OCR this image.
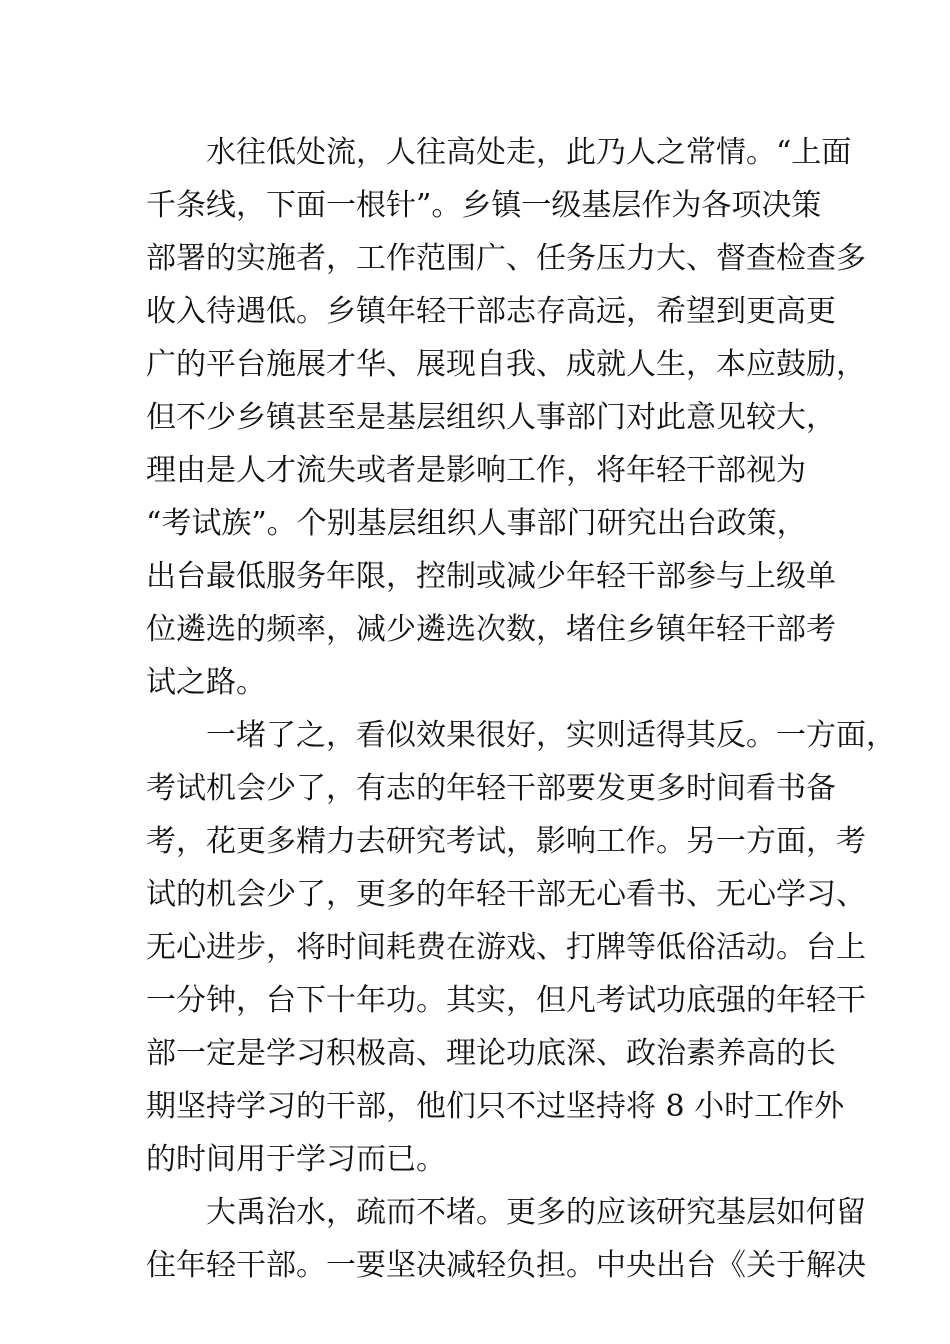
水往低处流，人往高处走，此乃人之常情。“上面
千条线，下面一根针”。乡镇一级基层作为各项决策
部署的实施者，工作范围广、任务压力大、督查检查多
收入待遇低。乡镇年轻干部志存高远，希望到更高更
广的平台施展才华、展现自我、成就人生，本应鼓励，
但不少乡镇甚至是基层组织人事部门对此意见较大，
理由是人才流失或者是影响工作，将年轻干部视为
“考试族”。个别基层组织人事部门研究出台政策，
出台最低服务年限，控制或减少年轻干部参与上级单
位遴选的频率，减少遴选次数，堵住乡镇年轻干部考
试之路。

一堵了之，看似效果很好，实则适得其反。一方面，
考试机会少了，有志的年轻干部要发更多时间看书备
考，花更多精力去研究考试，影响工作。另一方面，考
试的机会少了，更多的年轻干部无心看书、无心学习、
无心进步，将时间耗费在游戏、打牌等低俗活动。台上
一分钟，台下十年功。其实，但凡考试功底强的年轻干
部一定是学习积极高、理论功底深、政治素养高的长
期坚持学习的干部，他们只不过坚持将 8 小时工作外
的时间用于学习而已。

大禹治水，疏而不堵。更多的应该研究基层如何留
住年轻干部。一要坚决减轻负担。中央出台《关于解决
